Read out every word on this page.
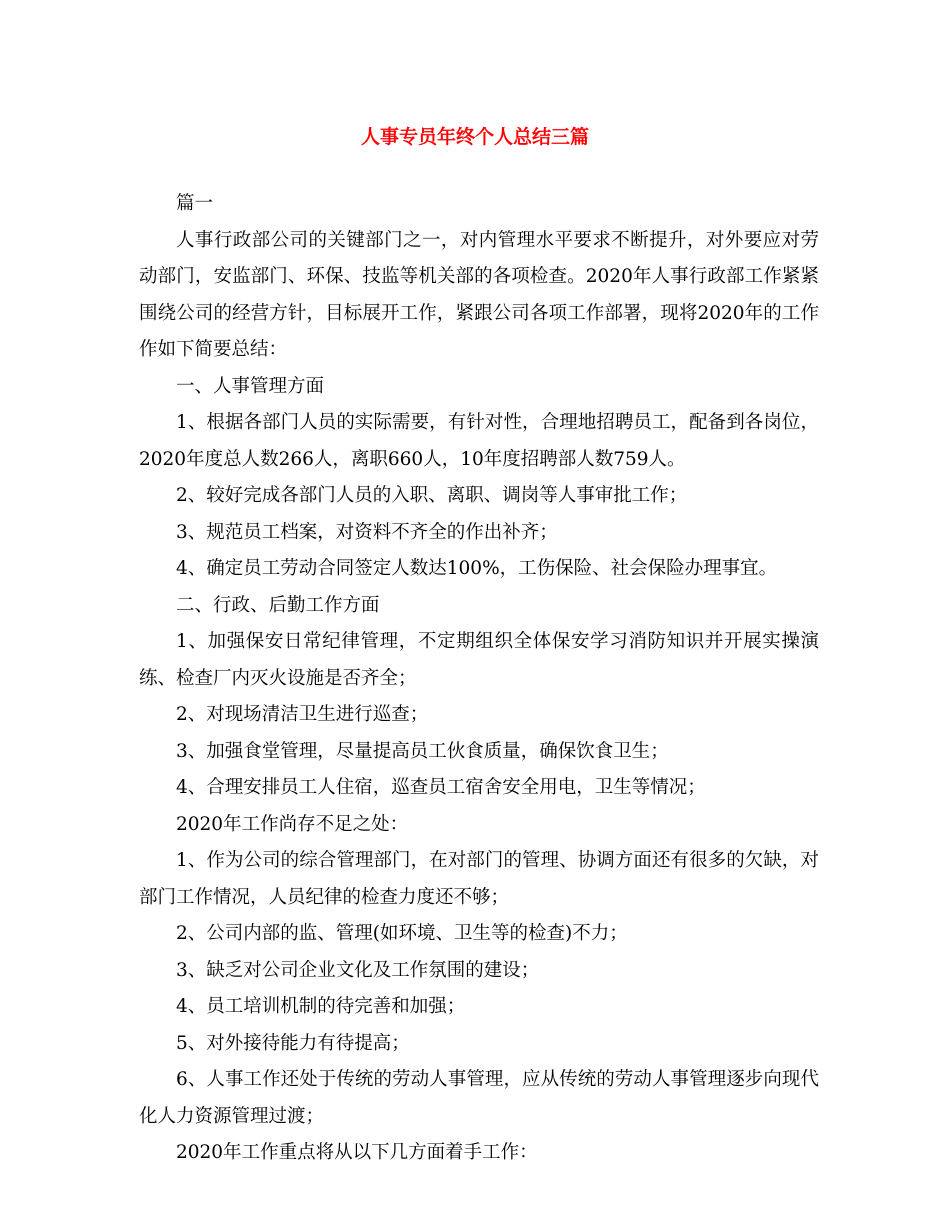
人事专员年终个人总结三篇

篇一

人事行政部公司的关键部门之一，对内管理水平要求不断提升，对外要应对劳动部门，安监部门、环保、技监等机关部的各项检查。2020年人事行政部工作紧紧围绕公司的经营方针，目标展开工作，紧跟公司各项工作部署，现将2020年的工作作如下简要总结：

一、人事管理方面

1、根据各部门人员的实际需要，有针对性，合理地招聘员工，配备到各岗位，2020年度总人数266人，离职660人，10年度招聘部人数759人。

2、较好完成各部门人员的入职、离职、调岗等人事审批工作；

3、规范员工档案，对资料不齐全的作出补齐；

4、确定员工劳动合同签定人数达100%，工伤保险、社会保险办理事宜。

二、行政、后勤工作方面

1、加强保安日常纪律管理，不定期组织全体保安学习消防知识并开展实操演练、检查厂内灭火设施是否齐全；

2、对现场清洁卫生进行巡查；

3、加强食堂管理，尽量提高员工伙食质量，确保饮食卫生；

4、合理安排员工人住宿，巡查员工宿舍安全用电，卫生等情况；

2020年工作尚存不足之处：

1、作为公司的综合管理部门，在对部门的管理、协调方面还有很多的欠缺，对部门工作情况，人员纪律的检查力度还不够；

2、公司内部的监、管理(如环境、卫生等的检查)不力；

3、缺乏对公司企业文化及工作氛围的建设；

4、员工培训机制的待完善和加强；

5、对外接待能力有待提高；

6、人事工作还处于传统的劳动人事管理，应从传统的劳动人事管理逐步向现代化人力资源管理过渡；

2020年工作重点将从以下几方面着手工作：
